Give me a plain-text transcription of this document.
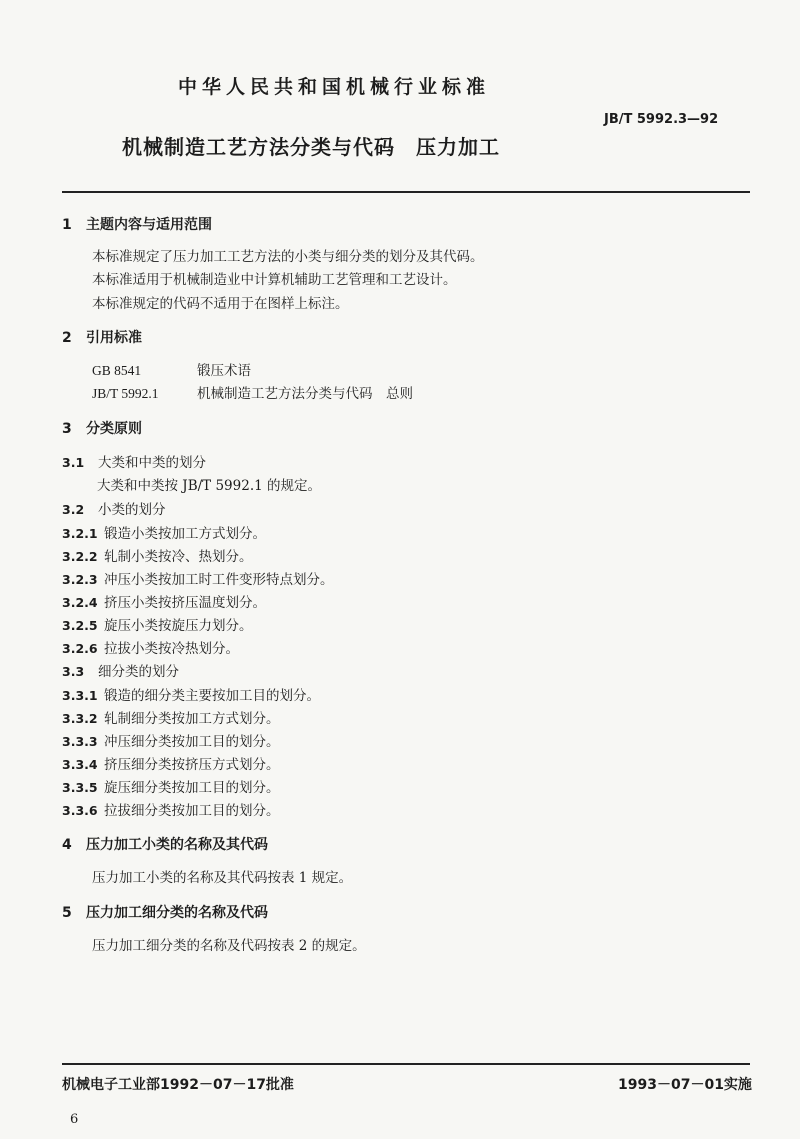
中华人民共和国机械行业标准
JB/T 5992.3—92
机械制造工艺方法分类与代码　压力加工
1 主题内容与适用范围
本标准规定了压力加工工艺方法的小类与细分类的划分及其代码。
本标准适用于机械制造业中计算机辅助工艺管理和工艺设计。
本标准规定的代码不适用于在图样上标注。
2 引用标准
GB 8541	锻压术语
JB/T 5992.1	机械制造工艺方法分类与代码　总则
3 分类原则
3.1 大类和中类的划分
大类和中类按 JB/T 5992.1 的规定。
3.2 小类的划分
3.2.1 锻造小类按加工方式划分。
3.2.2 轧制小类按冷、热划分。
3.2.3 冲压小类按加工时工件变形特点划分。
3.2.4 挤压小类按挤压温度划分。
3.2.5 旋压小类按旋压力划分。
3.2.6 拉拔小类按冷热划分。
3.3 细分类的划分
3.3.1 锻造的细分类主要按加工目的划分。
3.3.2 轧制细分类按加工方式划分。
3.3.3 冲压细分类按加工目的划分。
3.3.4 挤压细分类按挤压方式划分。
3.3.5 旋压细分类按加工目的划分。
3.3.6 拉拔细分类按加工目的划分。
4 压力加工小类的名称及其代码
压力加工小类的名称及其代码按表 1 规定。
5 压力加工细分类的名称及代码
压力加工细分类的名称及代码按表 2 的规定。
机械电子工业部1992－07－17批准	1993－07－01实施
6
